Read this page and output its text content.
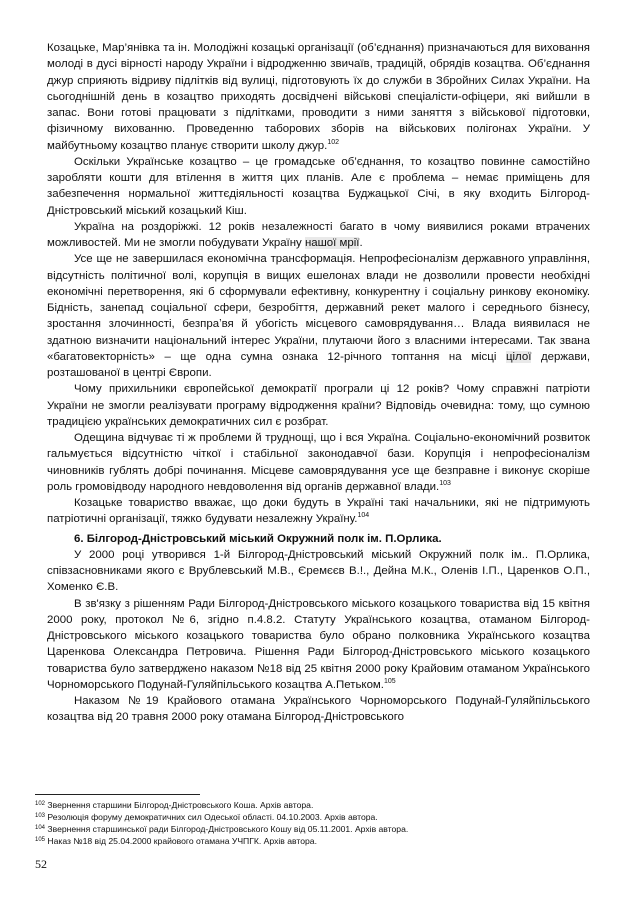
Козацьке, Мар’янівка та ін. Молодіжні козацькі організації (об’єднання) призначаються для виховання молоді в дусі вірності народу України і відродженню звичаїв, традицій, обрядів козацтва. Об’єднання джур сприяють відриву підлітків від вулиці, підготовують їх до служби в Збройних Силах України. На сьогоднішній день в козацтво приходять досвідчені військові спеціалісти-офіцери, які вийшли в запас. Вони готові працювати з підлітками, проводити з ними заняття з військової підготовки, фізичному вихованню. Проведенню таборових зборів на військових полігонах України. У майбутньому козацтво планує створити школу джур.$^{102}$

Оскільки Українське козацтво – це громадське об’єднання, то козацтво повинне самостійно заробляти кошти для втілення в життя цих планів. Але є проблема – немає приміщень для забезпечення нормальної життєдіяльності козацтва Буджацької Січі, в яку входить Білгород-Дністровський міський козацький Кіш.

Україна на роздоріжжі. 12 років незалежності багато в чому виявилися роками втрачених можливостей. Ми не змогли побудувати Україну нашої мрії.

Усе ще не завершилася економічна трансформація. Непрофесіоналізм державного управління, відсутність політичної волі, корупція в вищих ешелонах влади не дозволили провести необхідні економічні перетворення, які б сформували ефективну, конкурентну і соціальну ринкову економіку. Бідність, занепад соціальної сфери, безробіття, державний рекет малого і середнього бізнесу, зростання злочинності, безпраʼвя й убогість місцевого самоврядування… Влада виявилася не здатною визначити національний інтерес України, плутаючи його з власними інтересами. Так звана «багатовекторність» – ще одна сумна ознака 12-річного топтання на місці цілої держави, розташованої в центрі Європи.

Чому прихильники європейської демократії програли ці 12 років? Чому справжні патріоти України не змогли реалізувати програму відродження країни? Відповідь очевидна: тому, що сумною традицією українських демократичних сил є розбрат.

Одещина відчуває ті ж проблеми й труднощі, що і вся Україна. Соціально-економічний розвиток гальмується відсутністю чіткої і стабільної законодавчої бази. Корупція і непрофесіоналізм чиновників гублять добрі починання. Місцеве самоврядування усе ще безправне і виконує скоріше роль громовідводу народного невдоволення від органів державної влади.$^{103}$

Козацьке товариство вважає, що доки будуть в Україні такі начальники, які не підтримують патріотичні організації, тяжко будувати незалежну Україну.$^{104}$

6. Білгород-Дністровський міський Окружний полк ім. П.Орлика.

У 2000 році утворився 1-й Білгород-Дністровський міський Окружний полк ім.. П.Орлика, співзасновниками якого є Врублевський М.В., Єремєєв В.!., Дейна М.К., Оленів І.П., Царенков О.П., Хоменко Є.В.

В зв'язку з рішенням Ради Білгород-Дністровського міського козацького товариства від 15 квітня 2000 року, протокол №6, згідно п.4.8.2. Статуту Українського козацтва, отаманом Білгород-Дністровського міського козацького товариства було обрано полковника Українського козацтва Царенкова Олександра Петровича. Рішення Ради Білгород-Дністровського міського козацького товариства було затверджено наказом №18 від 25 квітня 2000 року Крайовим отаманом Українського Чорноморського Подунай-Гуляйпільського козацтва А.Петьком.$^{105}$

Наказом №19 Крайового отамана Українського Чорноморського Подунай-Гуляйпільського козацтва від 20 травня 2000 року отамана Білгород-Дністровського

$^{102}$ Звернення старшини Білгород-Дністровського Коша. Архів автора.

$^{103}$ Резолюція форуму демократичних сил Одеської області. 04.10.2003. Архів автора.

$^{104}$ Звернення старшинської ради Білгород-Дністровського Кошу від 05.11.2001. Архів автора.

$^{105}$ Наказ №18 від 25.04.2000 крайового отамана УЧПГК. Архів автора.

52
